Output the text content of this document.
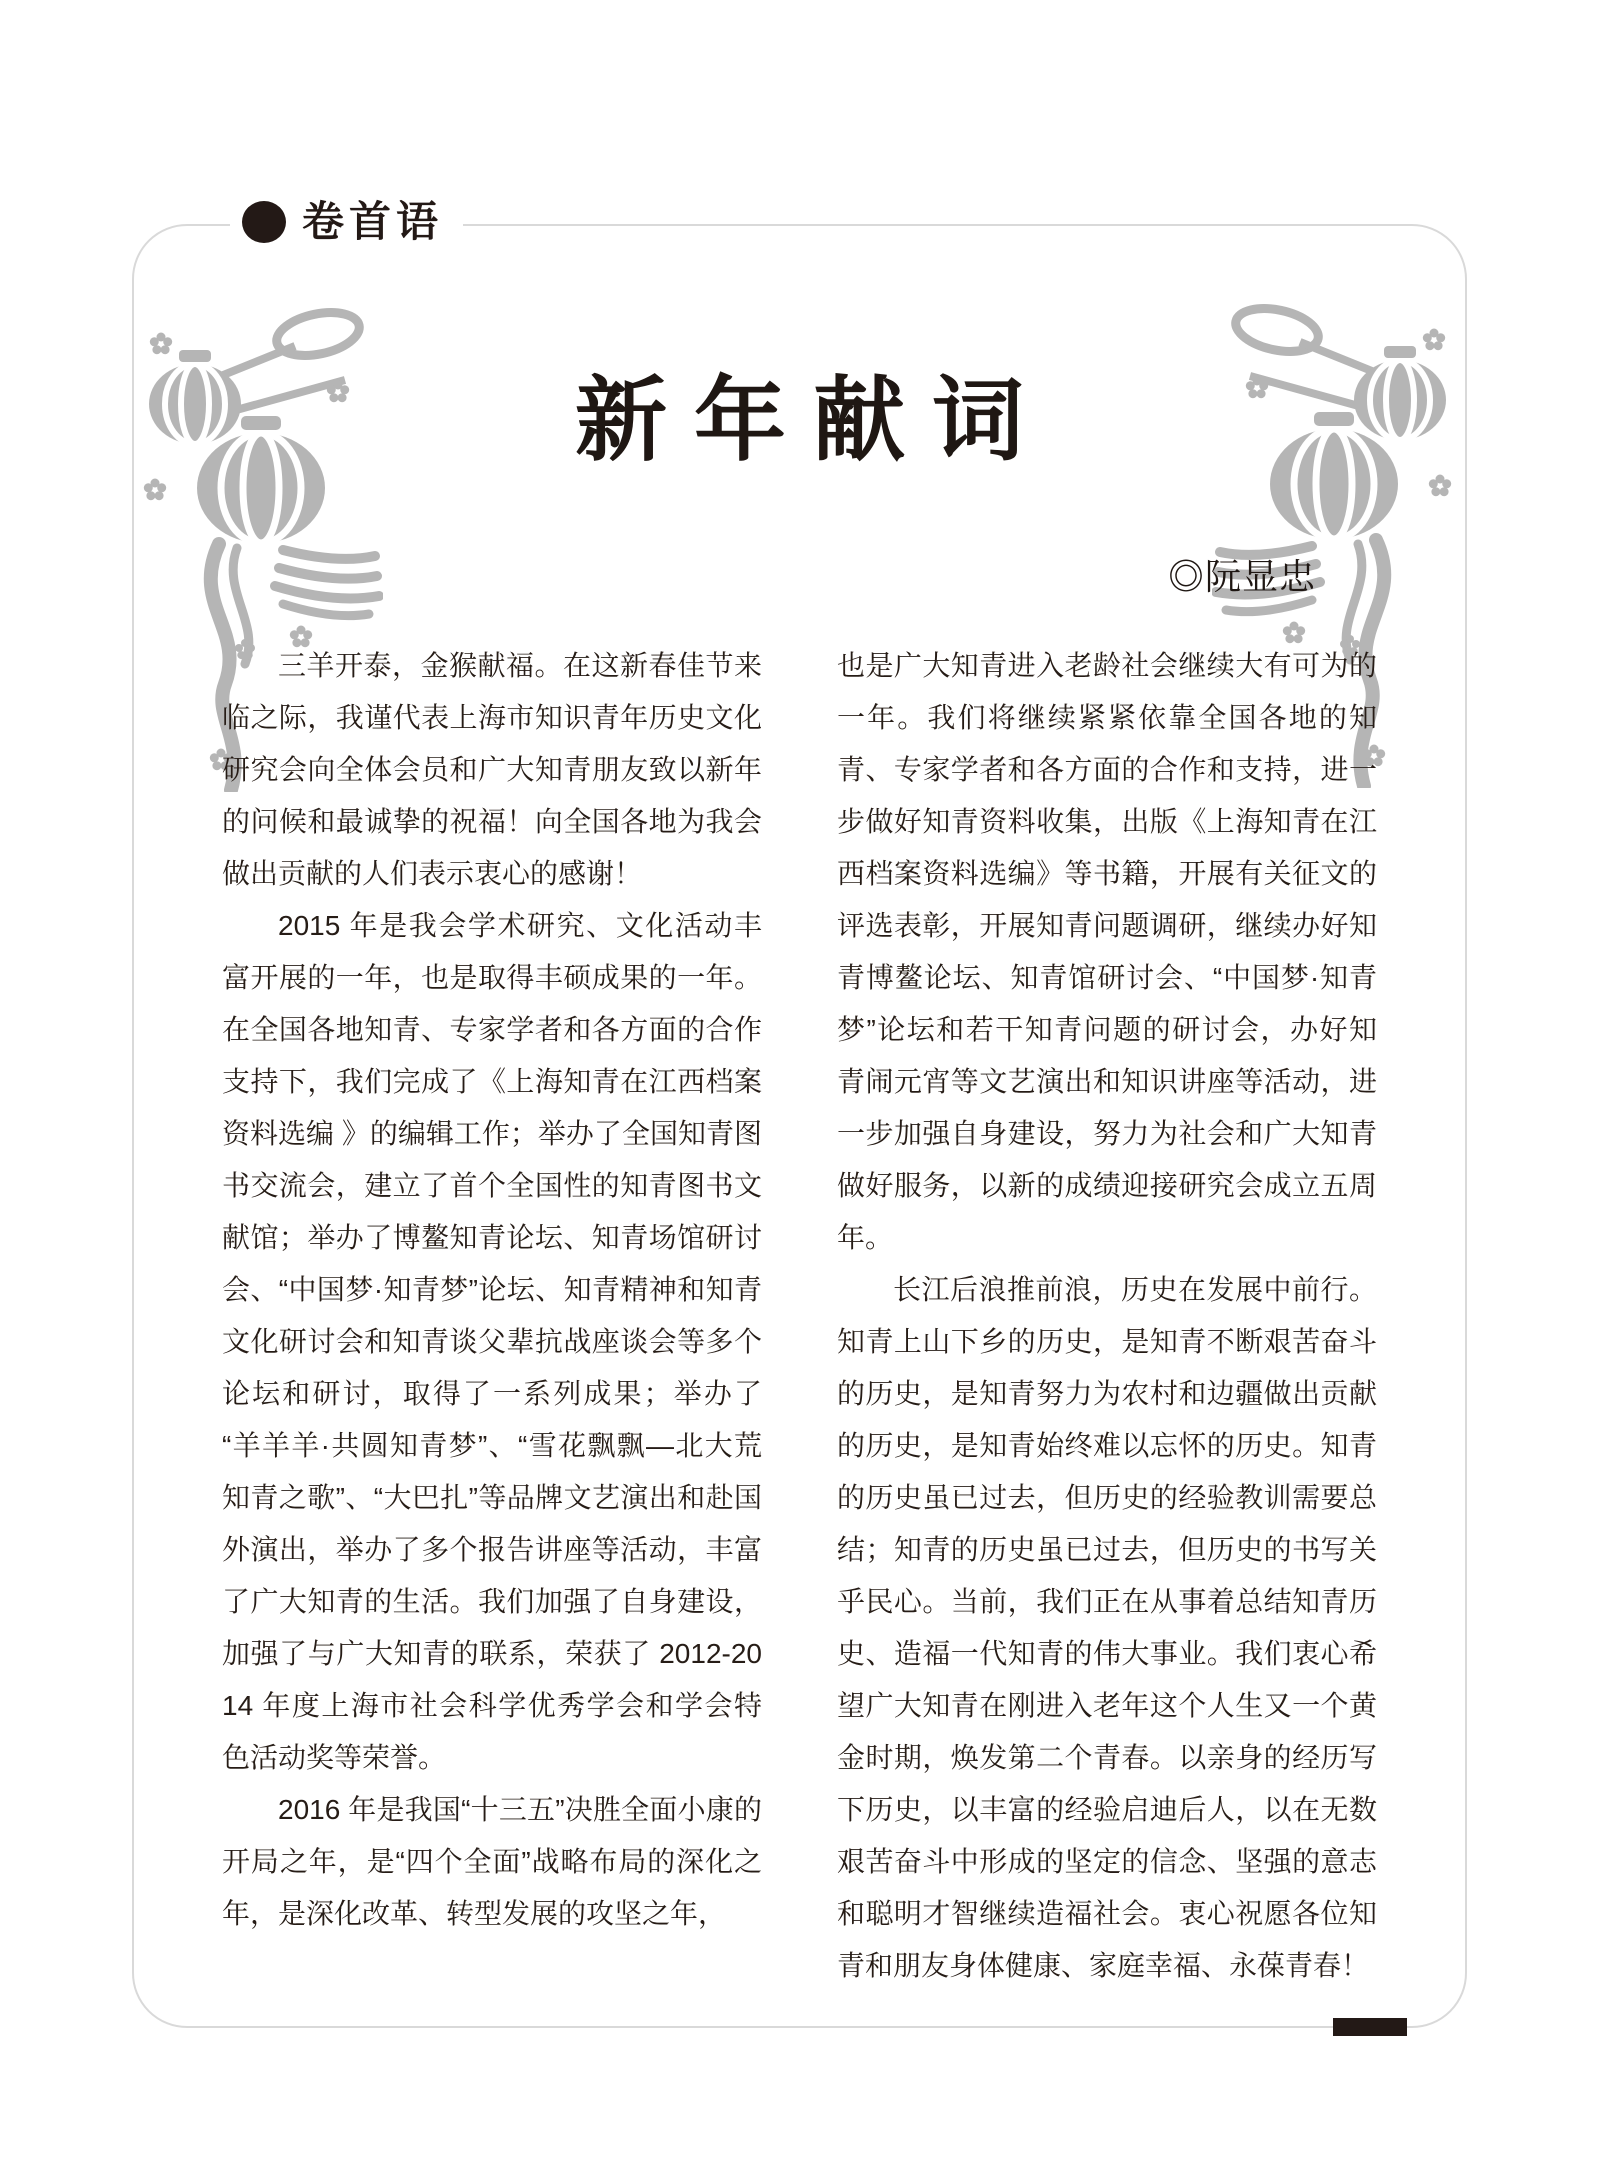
卷首语
新年献词
◎阮显忠

三羊开泰，金猴献福。在这新春佳节来临之际，我谨代表上海市知识青年历史文化研究会向全体会员和广大知青朋友致以新年的问候和最诚挚的祝福！向全国各地为我会做出贡献的人们表示衷心的感谢！

2015 年是我会学术研究、文化活动丰富开展的一年，也是取得丰硕成果的一年。在全国各地知青、专家学者和各方面的合作支持下，我们完成了《上海知青在江西档案资料选编 》的编辑工作；举办了全国知青图书交流会，建立了首个全国性的知青图书文献馆；举办了博鳌知青论坛、知青场馆研讨会、“中国梦·知青梦”论坛、知青精神和知青文化研讨会和知青谈父辈抗战座谈会等多个论坛和研讨，取得了一系列成果；举办了“羊羊羊·共圆知青梦”、“雪花飘飘—北大荒知青之歌”、“大巴扎”等品牌文艺演出和赴国外演出，举办了多个报告讲座等活动，丰富了广大知青的生活。我们加强了自身建设，加强了与广大知青的联系，荣获了 2012-2014 年度上海市社会科学优秀学会和学会特色活动奖等荣誉。

2016 年是我国“十三五”决胜全面小康的开局之年，是“四个全面”战略布局的深化之年，是深化改革、转型发展的攻坚之年，

也是广大知青进入老龄社会继续大有可为的一年。我们将继续紧紧依靠全国各地的知青、专家学者和各方面的合作和支持，进一步做好知青资料收集，出版《上海知青在江西档案资料选编》等书籍，开展有关征文的评选表彰，开展知青问题调研，继续办好知青博鳌论坛、知青馆研讨会、“中国梦·知青梦”论坛和若干知青问题的研讨会，办好知青闹元宵等文艺演出和知识讲座等活动，进一步加强自身建设，努力为社会和广大知青做好服务，以新的成绩迎接研究会成立五周年。

长江后浪推前浪，历史在发展中前行。知青上山下乡的历史，是知青不断艰苦奋斗的历史，是知青努力为农村和边疆做出贡献的历史，是知青始终难以忘怀的历史。知青的历史虽已过去，但历史的经验教训需要总结；知青的历史虽已过去，但历史的书写关乎民心。当前，我们正在从事着总结知青历史、造福一代知青的伟大事业。我们衷心希望广大知青在刚进入老年这个人生又一个黄金时期，焕发第二个青春。以亲身的经历写下历史，以丰富的经验启迪后人，以在无数艰苦奋斗中形成的坚定的信念、坚强的意志和聪明才智继续造福社会。衷心祝愿各位知青和朋友身体健康、家庭幸福、永葆青春！
